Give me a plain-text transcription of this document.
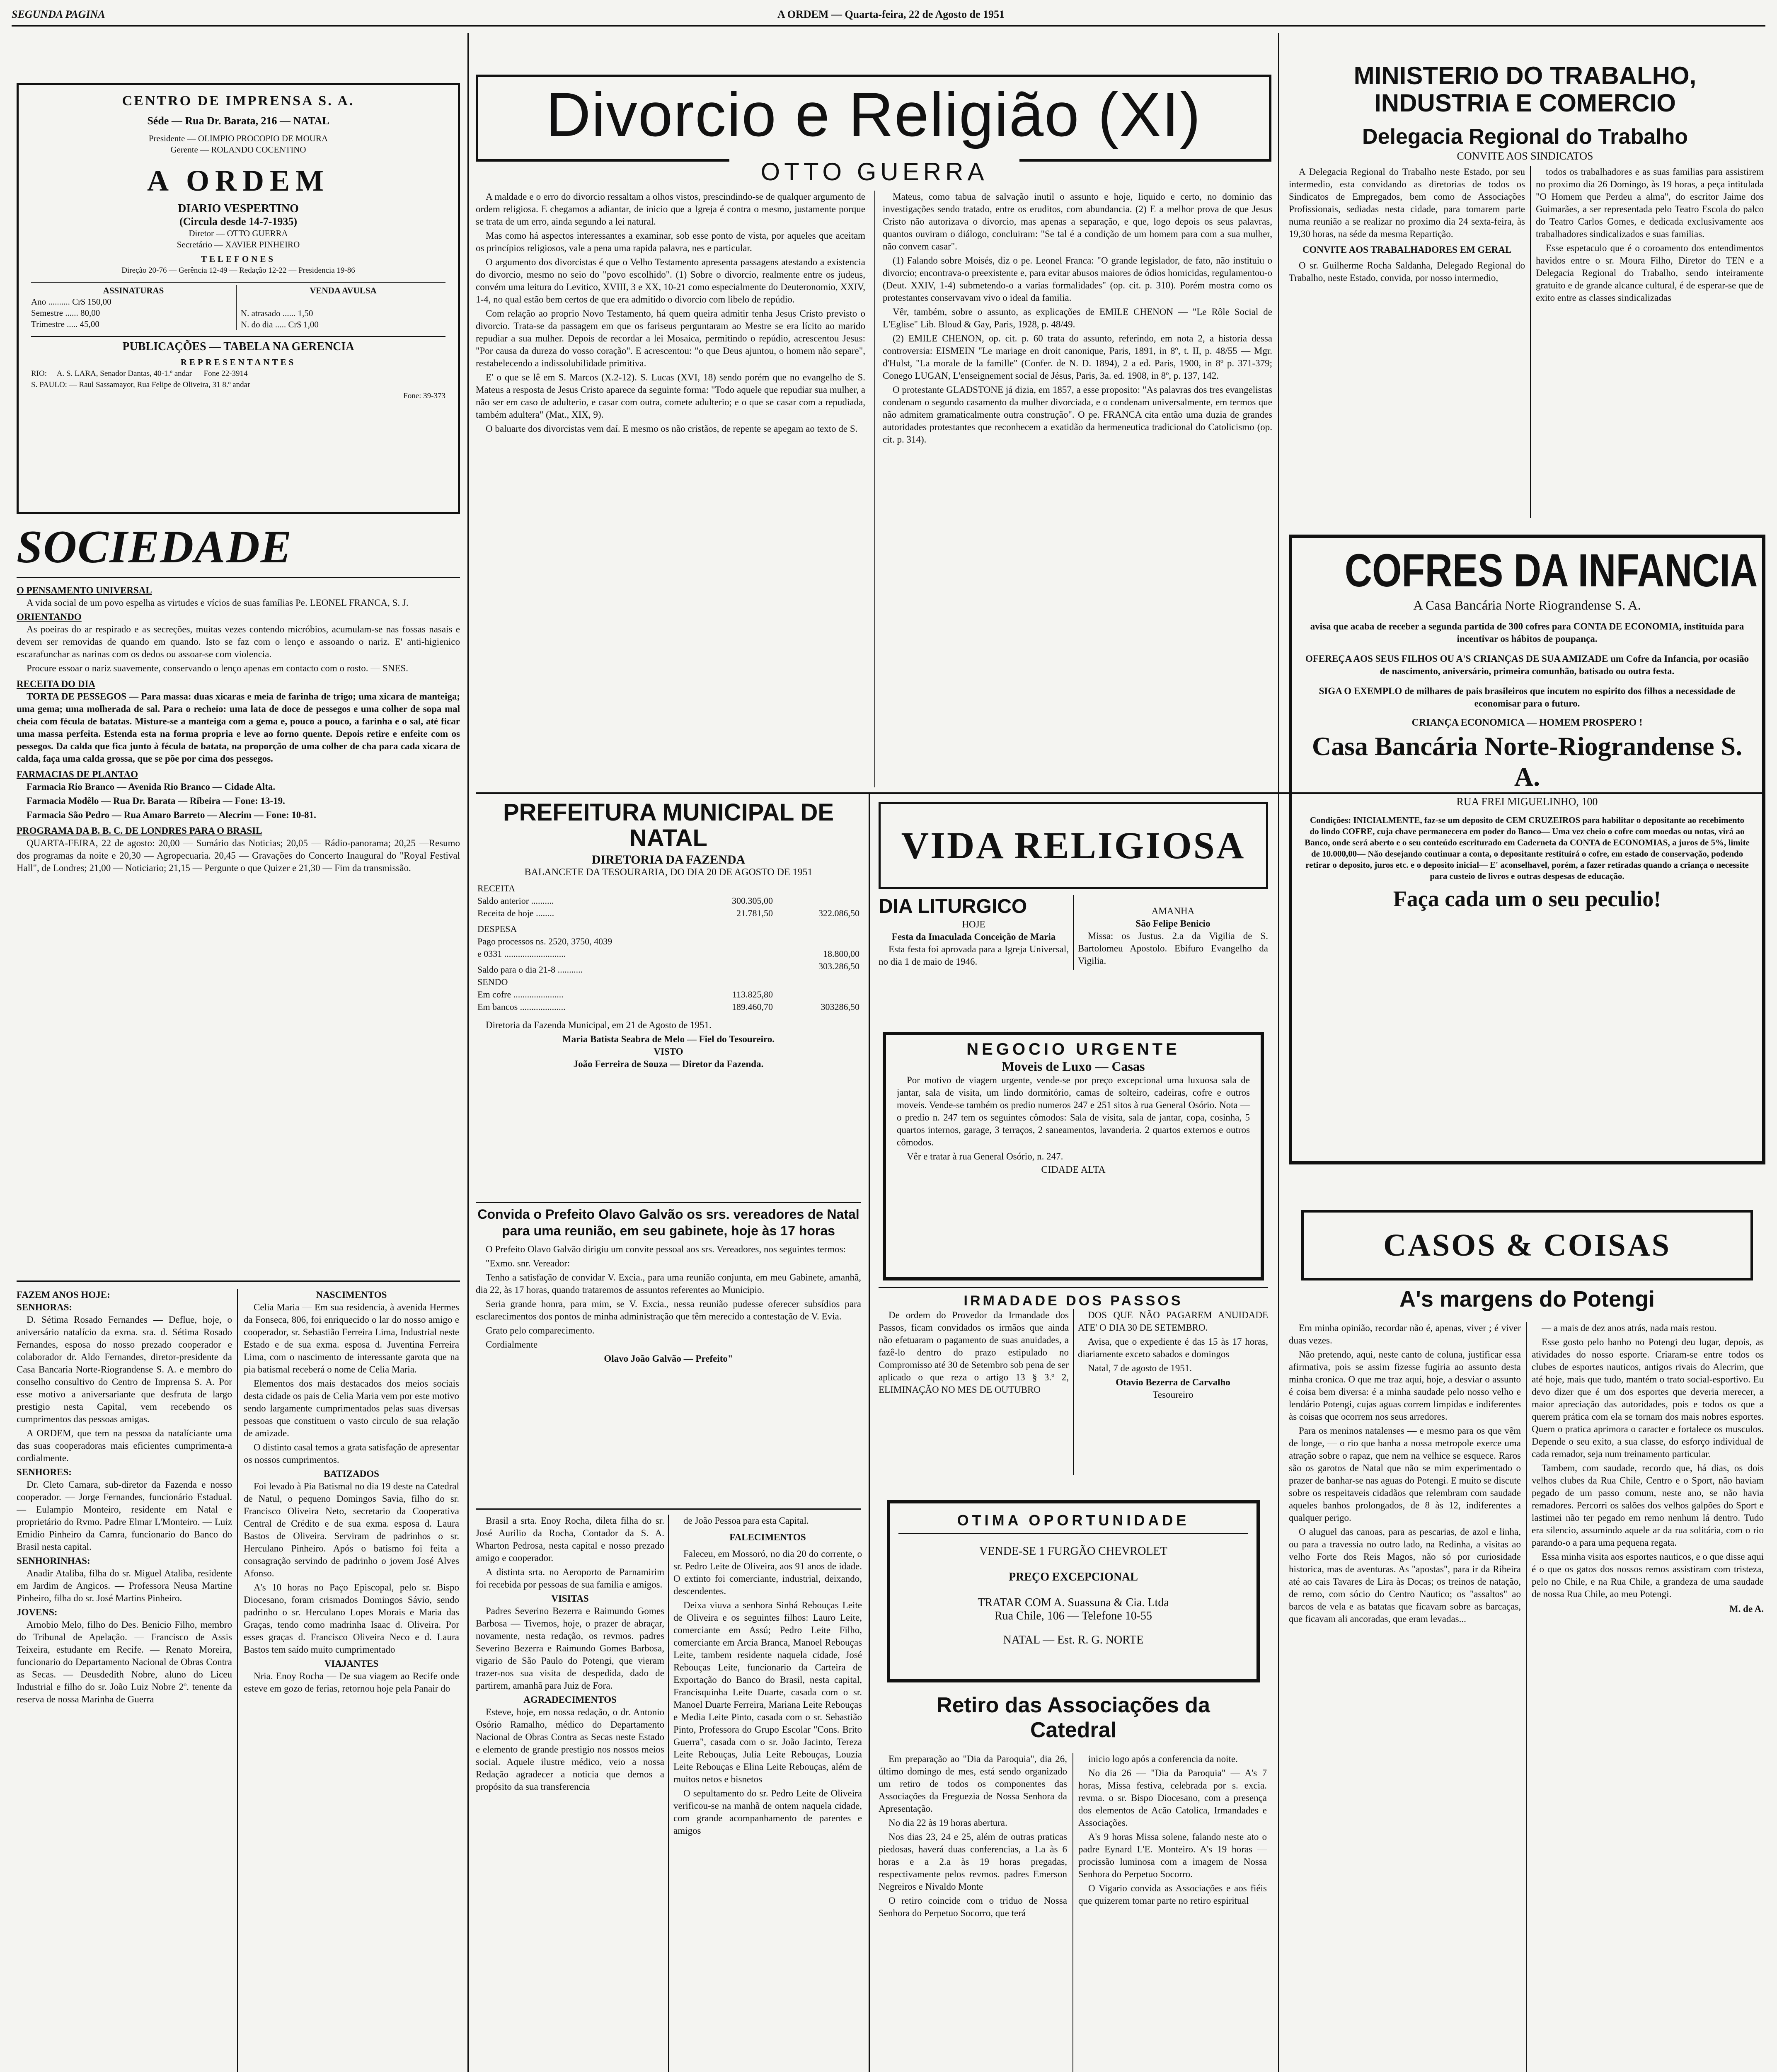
SEGUNDA PAGINA	A ORDEM — Quarta-feira, 22 de Agosto de 1951
CENTRO DE IMPRENSA S. A.
Séde — Rua Dr. Barata, 216 — NATAL
Presidente — OLIMPIO PROCOPIO DE MOURA
Gerente — ROLANDO COCENTINO
A ORDEM
DIARIO VESPERTINO
(Circula desde 14-7-1935)
Diretor — OTTO GUERRA
Secretário — XAVIER PINHEIRO
TELEFONES
Direção 20-76 — Gerência 12-49 — Redação 12-22 — Presidencia 19-86
ASSINATURAS
Ano .......... Cr$ 150,00
Semestre ...... 80,00
Trimestre ..... 45,00
VENDA AVULSA
N. atrasado ...... 1,50
N. do dia ..... Cr$ 1,00
PUBLICAÇÕES — TABELA NA GERENCIA
REPRESENTANTES
RIO: —A. S. LARA, Senador Dantas, 40-1.º andar — Fone 22-3914
S. PAULO: — Raul Sassamayor, Rua Felipe de Oliveira, 31 8.º andar
Fone: 39-373
SOCIEDADE
O PENSAMENTO UNIVERSAL

A vida social de um povo espelha as virtudes e vícios de suas famílias Pe. LEONEL FRANCA, S. J.

ORIENTANDO

As poeiras do ar respirado e as secreções, muitas vezes contendo micróbios, acumulam-se nas fossas nasais e devem ser removidas de quando em quando. Isto se faz com o lenço e assoando o nariz. E' anti-higienico escarafunchar as narinas com os dedos ou assoar-se com violencia.

Procure essoar o nariz suavemente, conservando o lenço apenas em contacto com o rosto. — SNES.

RECEITA DO DIA

TORTA DE PESSEGOS — Para massa: duas xicaras e meia de farinha de trigo; uma xicara de manteiga; uma gema; uma molherada de sal. Para o recheio: uma lata de doce de pessegos e uma colher de sopa mal cheia com fécula de batatas. Misture-se a manteiga com a gema e, pouco a pouco, a farinha e o sal, até ficar uma massa perfeita. Estenda esta na forma propria e leve ao forno quente. Depois retire e enfeite com os pessegos. Da calda que fica junto à fécula de batata, na proporção de uma colher de cha para cada xicara de calda, faça uma calda grossa, que se põe por cima dos pessegos.

FARMACIAS DE PLANTAO

Farmacia Rio Branco — Avenida Rio Branco — Cidade Alta.

Farmacia Modêlo — Rua Dr. Barata — Ribeira — Fone: 13-19.

Farmacia São Pedro — Rua Amaro Barreto — Alecrim — Fone: 10-81.

PROGRAMA DA B. B. C. DE LONDRES PARA O BRASIL

QUARTA-FEIRA, 22 de agosto: 20,00 — Sumário das Noticias; 20,05 — Rádio-panorama; 20,25 —Resumo dos programas da noite e 20,30 — Agropecuaria. 20,45 — Gravações do Concerto Inaugural do "Royal Festival Hall", de Londres; 21,00 — Noticiario; 21,15 — Pergunte o que Quizer e 21,30 — Fim da transmissão.

FAZEM ANOS HOJE:
SENHORAS:

D. Sétima Rosado Fernandes — Deflue, hoje, o aniversário natalício da exma. sra. d. Sétima Rosado Fernandes, esposa do nosso prezado cooperador e colaborador dr. Aldo Fernandes, diretor-presidente da Casa Bancaria Norte-Riograndense S. A. e membro do conselho consultivo do Centro de Imprensa S. A. Por esse motivo a aniversariante que desfruta de largo prestigio nesta Capital, vem recebendo os cumprimentos das pessoas amigas.

A ORDEM, que tem na pessoa da natalíciante uma das suas cooperadoras mais eficientes cumprimenta-a cordialmente.

SENHORES:

Dr. Cleto Camara, sub-diretor da Fazenda e nosso cooperador. — Jorge Fernandes, funcionário Estadual. — Eulampio Monteiro, residente em Natal e proprietário do Rvmo. Padre Elmar L'Monteiro. — Luiz Emidio Pinheiro da Camra, funcionario do Banco do Brasil nesta capital.

SENHORINHAS:

Anadir Ataliba, filha do sr. Miguel Ataliba, residente em Jardim de Angicos. — Professora Neusa Martine Pinheiro, filha do sr. José Martins Pinheiro.

JOVENS:

Arnobio Melo, filho do Des. Benicio Filho, membro do Tribunal de Apelação. — Francisco de Assis Teixeira, estudante em Recife. — Renato Moreira, funcionario do Departamento Nacional de Obras Contra as Secas. — Deusdedith Nobre, aluno do Liceu Industrial e filho do sr. João Luiz Nobre 2º. tenente da reserva de nossa Marinha de Guerra

NASCIMENTOS

Celia Maria — Em sua residencia, à avenida Hermes da Fonseca, 806, foi enriquecido o lar do nosso amigo e cooperador, sr. Sebastião Ferreira Lima, Industrial neste Estado e de sua exma. esposa d. Juventina Ferreira Lima, com o nascimento de interessante garota que na pia batismal receberá o nome de Celia Maria.

Elementos dos mais destacados dos meios sociais desta cidade os pais de Celia Maria vem por este motivo sendo largamente cumprimentados pelas suas diversas pessoas que constituem o vasto circulo de sua relação de amizade.

O distinto casal temos a grata satisfação de apresentar os nossos cumprimentos.

BATIZADOS

Foi levado à Pia Batismal no dia 19 deste na Catedral de Natul, o pequeno Domingos Savia, filho do sr. Francisco Oliveira Neto, secretario da Cooperativa Central de Crédito e de sua exma. esposa d. Laura Bastos de Oliveira. Serviram de padrinhos o sr. Herculano Pinheiro. Após o batismo foi feita a consagração servindo de padrinho o jovem José Alves Afonso.

A's 10 horas no Paço Episcopal, pelo sr. Bispo Diocesano, foram crismados Domingos Sávio, sendo padrinho o sr. Herculano Lopes Morais e Maria das Graças, tendo como madrinha Isaac d. Oliveira. Por esses graças d. Francisco Oliveira Neco e d. Laura Bastos tem saído muito cumprimentado

VIAJANTES

Nria. Enoy Rocha — De sua viagem ao Recife onde esteve em gozo de ferias, retornou hoje pela Panair do

Divorcio e Religião (XI)
OTTO GUERRA

A maldade e o erro do divorcio ressaltam a olhos vistos, prescindindo-se de qualquer argumento de ordem religiosa. E chegamos a adiantar, de inicio que a Igreja é contra o mesmo, justamente porque se trata de um erro, ainda segundo a lei natural.

Mas como há aspectos interessantes a examinar, sob esse ponto de vista, por aqueles que aceitam os princípios religiosos, vale a pena uma rapida palavra, nes e particular.

O argumento dos divorcistas é que o Velho Testamento apresenta passagens atestando a existencia do divorcio, mesmo no seio do "povo escolhido". (1) Sobre o divorcio, realmente entre os judeus, convém uma leitura do Levitico, XVIII, 3 e XX, 10-21 como especialmente do Deuteronomio, XXIV, 1-4, no qual estão bem certos de que era admitido o divorcio com libelo de repúdio.

Com relação ao proprio Novo Testamento, há quem queira admitir tenha Jesus Cristo previsto o divorcio. Trata-se da passagem em que os fariseus perguntaram ao Mestre se era lícito ao marido repudiar a sua mulher. Depois de recordar a lei Mosaica, permitindo o repúdio, acrescentou Jesus: "Por causa da dureza do vosso coração". E acrescentou: "o que Deus ajuntou, o homem não separe", restabelecendo a indissolubilidade primitiva.

E' o que se lê em S. Marcos (X.2-12). S. Lucas (XVI, 18) sendo porém que no evangelho de S. Mateus a resposta de Jesus Cristo aparece da seguinte forma: "Todo aquele que repudiar sua mulher, a não ser em caso de adulterio, e casar com outra, comete adulterio; e o que se casar com a repudiada, também adultera" (Mat., XIX, 9).

O baluarte dos divorcistas vem daí. E mesmo os não cristãos, de repente se apegam ao texto de S.

Mateus, como tabua de salvação inutil o assunto e hoje, liquido e certo, no dominio das investigações sendo tratado, entre os eruditos, com abundancia. (2) E a melhor prova de que Jesus Cristo não autorizava o divorcio, mas apenas a separação, e que, logo depois os seus palavras, quantos ouviram o diálogo, concluiram: "Se tal é a condição de um homem para com a sua mulher, não convem casar".

(1) Falando sobre Moisés, diz o pe. Leonel Franca: "O grande legislador, de fato, não instituiu o divorcio; encontrava-o preexistente e, para evitar abusos maiores de ódios homicidas, regulamentou-o (Deut. XXIV, 1-4) submetendo-o a varias formalidades" (op. cit. p. 310). Porém mostra como os protestantes conservavam vivo o ideal da familia.

Vêr, também, sobre o assunto, as explicações de EMILE CHENON — "Le Rôle Social de L'Eglise" Lib. Bloud & Gay, Paris, 1928, p. 48/49.

(2) EMILE CHENON, op. cit. p. 60 trata do assunto, referindo, em nota 2, a historia dessa controversia: EISMEIN "Le mariage en droit canonique, Paris, 1891, in 8º, t. II, p. 48/55 — Mgr. d'Hulst, "La morale de la famille" (Confer. de N. D. 1894), 2 a ed. Paris, 1900, in 8º p. 371-379; Conego LUGAN, L'enseignement social de Jésus, Paris, 3a. ed. 1908, in 8º, p. 137, 142.

O protestante GLADSTONE já dizia, em 1857, a esse proposito: "As palavras dos tres evangelistas condenam o segundo casamento da mulher divorciada, e o condenam universalmente, em termos que não admitem gramaticalmente outra construção". O pe. FRANCA cita então uma duzia de grandes autoridades protestantes que reconhecem a exatidão da hermeneutica tradicional do Catolicismo (op. cit. p. 314).

PREFEITURA MUNICIPAL DE NATAL
DIRETORIA DA FAZENDA
BALANCETE DA TESOURARIA, DO DIA 20 DE AGOSTO DE 1951
RECEITA		
Saldo anterior ..........	300.305,00	
Receita de hoje ........	21.781,50	322.086,50
DESPESA		
Pago processos ns. 2520, 3750, 4039		
e 0331 ...........................		18.800,00
Saldo para o dia 21-8 ...........		303.286,50
SENDO		
Em cofre ......................	113.825,80	
Em bancos ....................	189.460,70	303286,50

Diretoria da Fazenda Municipal, em 21 de Agosto de 1951.

Maria Batista Seabra de Melo — Fiel do Tesoureiro.
VISTO
João Ferreira de Souza — Diretor da Fazenda.
Convida o Prefeito Olavo Galvão os srs. vereadores de Natal para uma reunião, em seu gabinete, hoje às 17 horas

O Prefeito Olavo Galvão dirigiu um convite pessoal aos srs. Vereadores, nos seguintes termos:

"Exmo. snr. Vereador:

Tenho a satisfação de convidar V. Excia., para uma reunião conjunta, em meu Gabinete, amanhã, dia 22, às 17 horas, quando trataremos de assuntos referentes ao Municipio.

Seria grande honra, para mim, se V. Excia., nessa reunião pudesse oferecer subsídios para esclarecimentos dos pontos de minha administração que têm merecido a contestação de V. Evia.

Grato pelo comparecimento.

Cordialmente

Olavo João Galvão — Prefeito"

Brasil a srta. Enoy Rocha, dileta filha do sr. José Aurilio da Rocha, Contador da S. A. Wharton Pedrosa, nesta capital e nosso prezado amigo e cooperador.

A distinta srta. no Aeroporto de Parnamirim foi recebida por pessoas de sua familia e amigos.

VISITAS

Padres Severino Bezerra e Raimundo Gomes Barbosa — Tivemos, hoje, o prazer de abraçar, novamente, nesta redação, os revmos. padres Severino Bezerra e Raimundo Gomes Barbosa, vigario de São Paulo do Potengi, que vieram trazer-nos sua visita de despedida, dado de partirem, amanhã para Juiz de Fora.

AGRADECIMENTOS

Esteve, hoje, em nossa redação, o dr. Antonio Osório Ramalho, médico do Departamento Nacional de Obras Contra as Secas neste Estado e elemento de grande prestigio nos nossos meios social. Aquele ilustre médico, veio a nossa Redação agradecer a noticia que demos a propósito da sua transferencia

de João Pessoa para esta Capital.

FALECIMENTOS

Faleceu, em Mossoró, no dia 20 do corrente, o sr. Pedro Leite de Oliveira, aos 91 anos de idade. O extinto foi comerciante, industrial, deixando, descendentes.

Deixa viuva a senhora Sinhá Rebouças Leite de Oliveira e os seguintes filhos: Lauro Leite, comerciante em Assú; Pedro Leite Filho, comerciante em Arcia Branca, Manoel Rebouças Leite, tambem residente naquela cidade, José Rebouças Leite, funcionario da Carteira de Exportação do Banco do Brasil, nesta capital, Francisquinha Leite Duarte, casada com o sr. Manoel Duarte Ferreira, Mariana Leite Rebouças e Media Leite Pinto, casada com o sr. Sebastião Pinto, Professora do Grupo Escolar "Cons. Brito Guerra", casada com o sr. João Jacinto, Tereza Leite Rebouças, Julia Leite Rebouças, Louzia Leite Rebouças e Elina Leite Rebouças, além de muitos netos e bisnetos

O sepultamento do sr. Pedro Leite de Oliveira verificou-se na manhã de ontem naquela cidade, com grande acompanhamento de parentes e amigos

VIDA RELIGIOSA
DIA LITURGICO
HOJE
Festa da Imaculada Conceição de Maria

Esta festa foi aprovada para a Igreja Universal, no dia 1 de maio de 1946.

AMANHA
São Felipe Benicio

Missa: os Justus. 2.a da Vigilia de S. Bartolomeu Apostolo. Ebifuro Evangelho da Vigilia.

NEGOCIO URGENTE
Moveis de Luxo — Casas

Por motivo de viagem urgente, vende-se por preço excepcional uma luxuosa sala de jantar, sala de visita, um lindo dormitório, camas de solteiro, cadeiras, cofre e outros moveis. Vende-se também os predio numeros 247 e 251 sitos à rua General Osório. Nota — o predio n. 247 tem os seguintes cômodos: Sala de visita, sala de jantar, copa, cosinha, 5 quartos internos, garage, 3 terraços, 2 saneamentos, lavanderia. 2 quartos externos e outros cômodos.

Vêr e tratar à rua General Osório, n. 247.

CIDADE ALTA
IRMADADE DOS PASSOS

De ordem do Provedor da Irmandade dos Passos, ficam convidados os irmãos que ainda não efetuaram o pagamento de suas anuidades, a fazê-lo dentro do prazo estipulado no Compromisso até 30 de Setembro sob pena de ser aplicado o que reza o artigo 13 § 3.º 2, ELIMINAÇÃO NO MES DE OUTUBRO

DOS QUE NÃO PAGAREM ANUIDADE ATE' O DIA 30 DE SETEMBRO.

Avisa, que o expediente é das 15 às 17 horas, diariamente exceto sabados e domingos

Natal, 7 de agosto de 1951.

Otavio Bezerra de Carvalho
Tesoureiro
OTIMA OPORTUNIDADE
VENDE-SE 1 FURGÃO CHEVROLET
PREÇO EXCEPCIONAL
TRATAR COM A. Suassuna & Cia. Ltda
Rua Chile, 106 — Telefone 10-55
NATAL — Est. R. G. NORTE
Retiro das Associações da Catedral

Em preparação ao "Dia da Paroquia", dia 26, último domingo de mes, está sendo organizado um retiro de todos os componentes das Associações da Freguezia de Nossa Senhora da Apresentação.

No dia 22 às 19 horas abertura.

Nos dias 23, 24 e 25, além de outras praticas piedosas, haverá duas conferencias, a 1.a às 6 horas e a 2.a às 19 horas pregadas, respectivamente pelos revmos. padres Emerson Negreiros e Nivaldo Monte

O retiro coincide com o triduo de Nossa Senhora do Perpetuo Socorro, que terá

inicio logo após a conferencia da noite.

No dia 26 — "Dia da Paroquia" — A's 7 horas, Missa festiva, celebrada por s. excia. revma. o sr. Bispo Diocesano, com a presença dos elementos de Acão Catolica, Irmandades e Associações.

A's 9 horas Missa solene, falando neste ato o padre Eynard L'E. Monteiro. A's 19 horas — procissão luminosa com a imagem de Nossa Senhora do Perpetuo Socorro.

O Vigario convida as Associações e aos fiéis que quizerem tomar parte no retiro espiritual

MINISTERIO DO TRABALHO, INDUSTRIA E COMERCIO
Delegacia Regional do Trabalho
CONVITE AOS SINDICATOS

A Delegacia Regional do Trabalho neste Estado, por seu intermedio, esta convidando as diretorias de todos os Sindicatos de Empregados, bem como de Associações Profissionais, sediadas nesta cidade, para tomarem parte numa reunião a se realizar no proximo dia 24 sexta-feira, às 19,30 horas, na séde da mesma Repartição.

CONVITE AOS TRABALHADORES EM GERAL

O sr. Guilherme Rocha Saldanha, Delegado Regional do Trabalho, neste Estado, convida, por nosso intermedio,

todos os trabalhadores e as suas familias para assistirem no proximo dia 26 Domingo, às 19 horas, a peça intitulada "O Homem que Perdeu a alma", do escritor Jaime dos Guimarães, a ser representada pelo Teatro Escola do palco do Teatro Carlos Gomes, e dedicada exclusivamente aos trabalhadores sindicalizados e suas familias.

Esse espetaculo que é o coroamento dos entendimentos havidos entre o sr. Moura Filho, Diretor do TEN e a Delegacia Regional do Trabalho, sendo inteiramente gratuito e de grande alcance cultural, é de esperar-se que de exito entre as classes sindicalizadas

COFRES DA INFANCIA
A Casa Bancária Norte Riograndense S. A.
avisa que acaba de receber a segunda partida de 300 cofres para CONTA DE ECONOMIA, instituída para incentivar os hábitos de poupança.
OFEREÇA AOS SEUS FILHOS OU A'S CRIANÇAS DE SUA AMIZADE um Cofre da Infancia, por ocasião de nascimento, aniversário, primeira comunhão, batisado ou outra festa.
SIGA O EXEMPLO de milhares de pais brasileiros que incutem no espirito dos filhos a necessidade de economisar para o futuro.
CRIANÇA ECONOMICA — HOMEM PROSPERO !
Casa Bancária Norte-Riograndense S. A.
RUA FREI MIGUELINHO, 100
Condições: INICIALMENTE, faz-se um deposito de CEM CRUZEIROS para habilitar o depositante ao recebimento do lindo COFRE, cuja chave permanecera em poder do Banco— Uma vez cheio o cofre com moedas ou notas, virá ao Banco, onde será aberto e o seu conteúdo escriturado em Caderneta da CONTA de ECONOMIAS, a juros de 5%, limite de 10.000,00— Não desejando continuar a conta, o depositante restituirá o cofre, em estado de conservação, podendo retirar o deposito, juros etc. e o deposito inicial— E' aconselhavel, porém, a fazer retiradas quando a criança o necessite para custeio de livros e outras despesas de educação.
Faça cada um o seu peculio!
CASOS & COISAS
A's margens do Potengi

Em minha opinião, recordar não é, apenas, viver ; é viver duas vezes.

Não pretendo, aqui, neste canto de coluna, justificar essa afirmativa, pois se assim fizesse fugiria ao assunto desta minha cronica. O que me traz aqui, hoje, a desviar o assunto é coisa bem diversa: é a minha saudade pelo nosso velho e lendário Potengi, cujas aguas correm limpidas e indiferentes às coisas que ocorrem nos seus arredores.

Para os meninos natalenses — e mesmo para os que vêm de longe, — o rio que banha a nossa metropole exerce uma atração sobre o rapaz, que nem na velhice se esquece. Raros são os garotos de Natal que não se mim experimentado o prazer de banhar-se nas aguas do Potengi. E muito se discute sobre os respeitaveis cidadãos que relembram com saudade aqueles banhos prolongados, de 8 às 12, indiferentes a qualquer perigo.

O aluguel das canoas, para as pescarias, de azol e linha, ou para a travessia no outro lado, na Redinha, a visitas ao velho Forte dos Reis Magos, não só por curiosidade historica, mas de aventuras. As "apostas", para ir da Ribeira até ao cais Tavares de Lira às Docas; os treinos de natação, de remo, com sócio do Centro Nautico; os "assaltos" ao barcos de vela e as batatas que ficavam sobre as barcaças, que ficavam ali ancoradas, que eram levadas...

— a mais de dez anos atrás, nada mais restou.

Esse gosto pelo banho no Potengi deu lugar, depois, as atividades do nosso esporte. Criaram-se entre todos os clubes de esportes nauticos, antigos rivais do Alecrim, que até hoje, mais que tudo, mantém o trato social-esportivo. Eu devo dizer que é um dos esportes que deveria merecer, a maior apreciação das autoridades, pois e todos os que a querem prática com ela se tornam dos mais nobres esportes. Quem o pratica aprimora o caracter e fortalece os musculos. Depende o seu exito, a sua classe, do esforço individual de cada remador, seja num treinamento particular.

Tambem, com saudade, recordo que, há dias, os dois velhos clubes da Rua Chile, Centro e o Sport, não haviam pegado de um passo comum, neste ano, se não havia remadores. Percorri os salões dos velhos galpões do Sport e lastimei não ter pegado em remo nenhum lá dentro. Tudo era silencio, assumindo aquele ar da rua solitária, com o rio parando-o a para uma pequena regata.

Essa minha visita aos esportes nauticos, e o que disse aqui é o que os gatos dos nossos remos assistiram com tristeza, pelo no Chile, e na Rua Chile, a grandeza de uma saudade de nossa Rua Chile, ao meu Potengi.

M. de A.
